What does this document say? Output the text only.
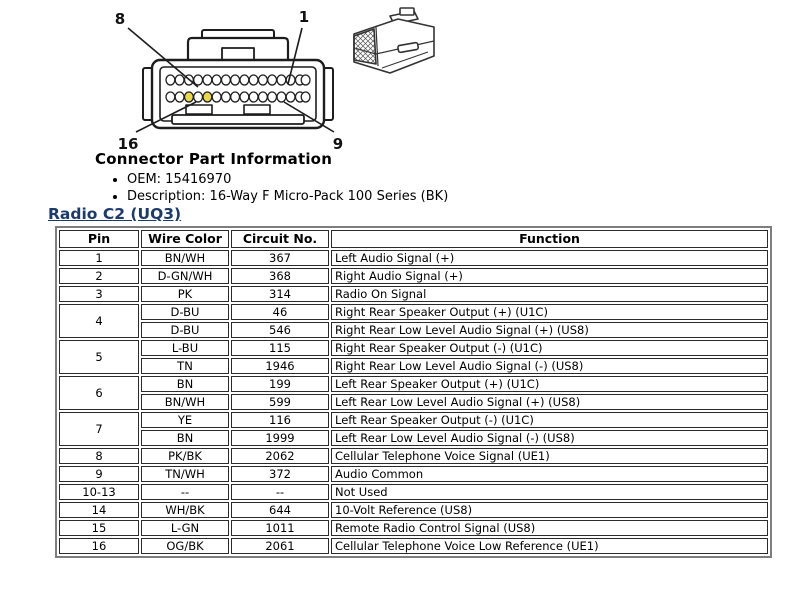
8	1
16	9
Connector Part Information
• OEM: 15416970
• Description: 16-Way F Micro-Pack 100 Series (BK)
Radio C2 (UQ3)
Pin	Wire Color	Circuit No.	Function
1	BN/WH	367	Left Audio Signal (+)
2	D-GN/WH	368	Right Audio Signal (+)
3	PK	314	Radio On Signal
4	D-BU	46	Right Rear Speaker Output (+) (U1C)
	D-BU	546	Right Rear Low Level Audio Signal (+) (US8)
5	L-BU	115	Right Rear Speaker Output (-) (U1C)
	TN	1946	Right Rear Low Level Audio Signal (-) (US8)
6	BN	199	Left Rear Speaker Output (+) (U1C)
	BN/WH	599	Left Rear Low Level Audio Signal (+) (US8)
7	YE	116	Left Rear Speaker Output (-) (U1C)
	BN	1999	Left Rear Low Level Audio Signal (-) (US8)
8	PK/BK	2062	Cellular Telephone Voice Signal (UE1)
9	TN/WH	372	Audio Common
10-13	--	--	Not Used
14	WH/BK	644	10-Volt Reference (US8)
15	L-GN	1011	Remote Radio Control Signal (US8)
16	OG/BK	2061	Cellular Telephone Voice Low Reference (UE1)
